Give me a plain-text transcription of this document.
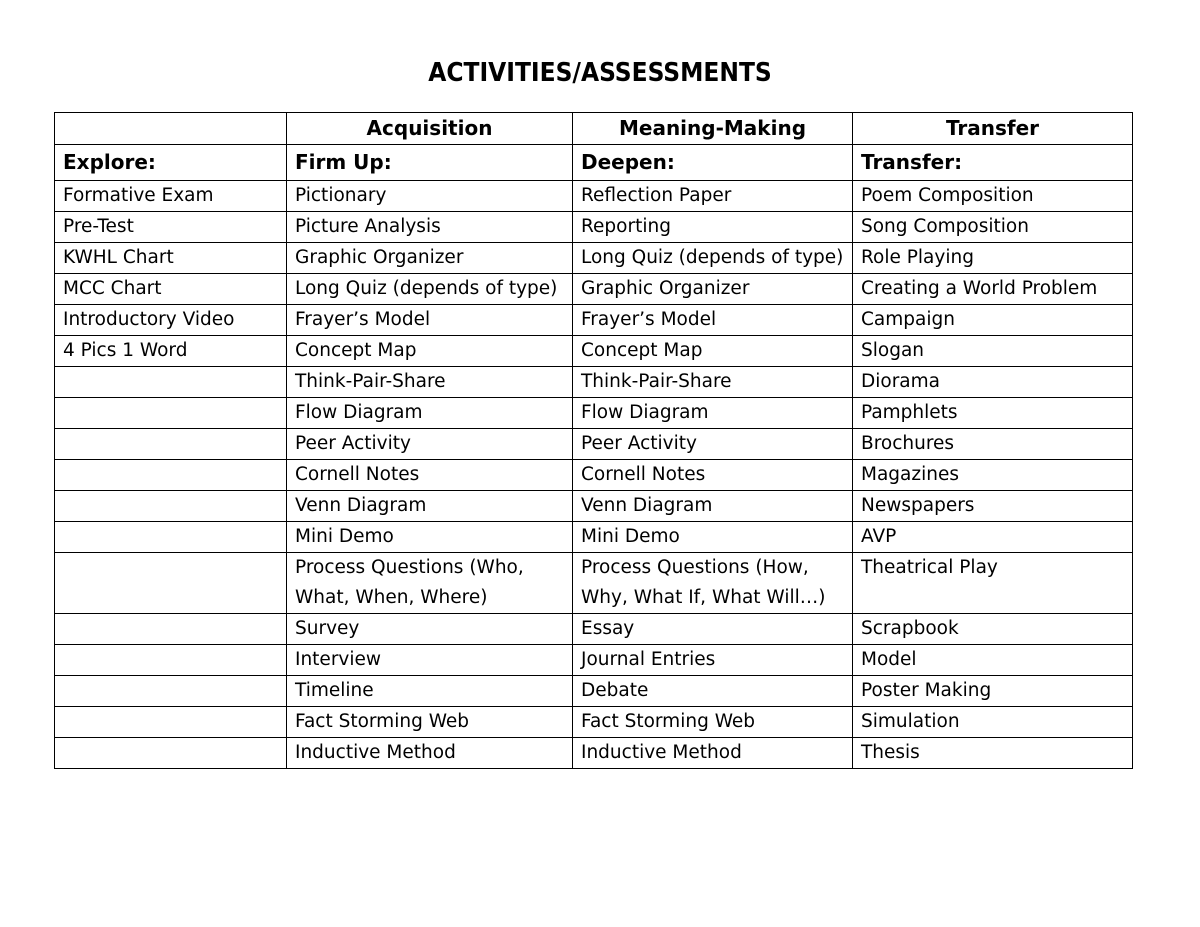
ACTIVITIES/ASSESSMENTS
	Acquisition	Meaning-Making	Transfer
Explore:	Firm Up:	Deepen:	Transfer:
Formative Exam	Pictionary	Reflection Paper	Poem Composition
Pre-Test	Picture Analysis	Reporting	Song Composition
KWHL Chart	Graphic Organizer	Long Quiz (depends of type)	Role Playing
MCC Chart	Long Quiz (depends of type)	Graphic Organizer	Creating a World Problem
Introductory Video	Frayer’s Model	Frayer’s Model	Campaign
4 Pics 1 Word	Concept Map	Concept Map	Slogan
	Think-Pair-Share	Think-Pair-Share	Diorama
	Flow Diagram	Flow Diagram	Pamphlets
	Peer Activity	Peer Activity	Brochures
	Cornell Notes	Cornell Notes	Magazines
	Venn Diagram	Venn Diagram	Newspapers
	Mini Demo	Mini Demo	AVP
	Process Questions (Who, What, When, Where)	Process Questions (How, Why, What If, What Will…)	Theatrical Play
	Survey	Essay	Scrapbook
	Interview	Journal Entries	Model
	Timeline	Debate	Poster Making
	Fact Storming Web	Fact Storming Web	Simulation
	Inductive Method	Inductive Method	Thesis
